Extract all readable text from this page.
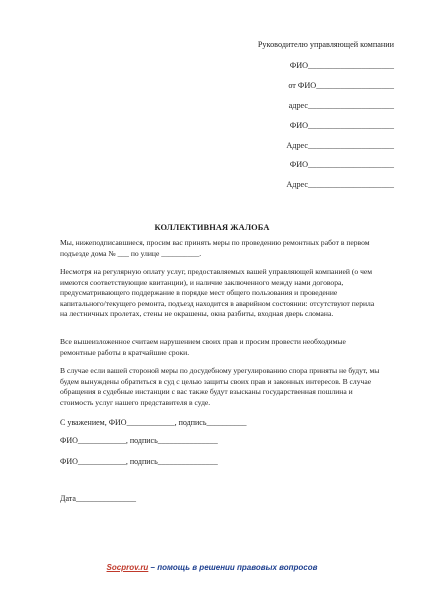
Руководителю управляющей компании
ФИО_____________________
от ФИО___________________
адрес_____________________
ФИО_____________________
Адрес_____________________
ФИО_____________________
Адрес_____________________
КОЛЛЕКТИВНАЯ ЖАЛОБА
Мы, нижеподписавшиеся, просим вас принять меры по проведению ремонтных работ в первом подъезде дома № ___ по улице __________.
Несмотря на регулярную оплату услуг, предоставляемых вашей управляющей компанией (о чем имеются соответствующие квитанции), и наличие заключенного между нами договора, предусматривающего поддержание в порядке мест общего пользования и проведение капитального/текущего ремонта, подъезд находится в аварийном состоянии: отсутствуют перила на лестничных пролетах, стены не окрашены, окна разбиты, входная дверь сломана.
Все вышеизложенное считаем нарушением своих прав и просим провести необходимые ремонтные работы в кратчайшие сроки.
В случае если вашей стороной меры по досудебному урегулированию спора приняты не будут, мы будем вынуждены обратиться в суд с целью защиты своих прав и законных интересов. В случае обращения в судебные инстанции с вас также будут взысканы государственная пошлина и стоимость услуг нашего представителя в суде.
С уважением, ФИО____________, подпись__________
ФИО____________, подпись_______________
ФИО____________, подпись_______________
Дата_______________
Socprov.ru – помощь в решении правовых вопросов
